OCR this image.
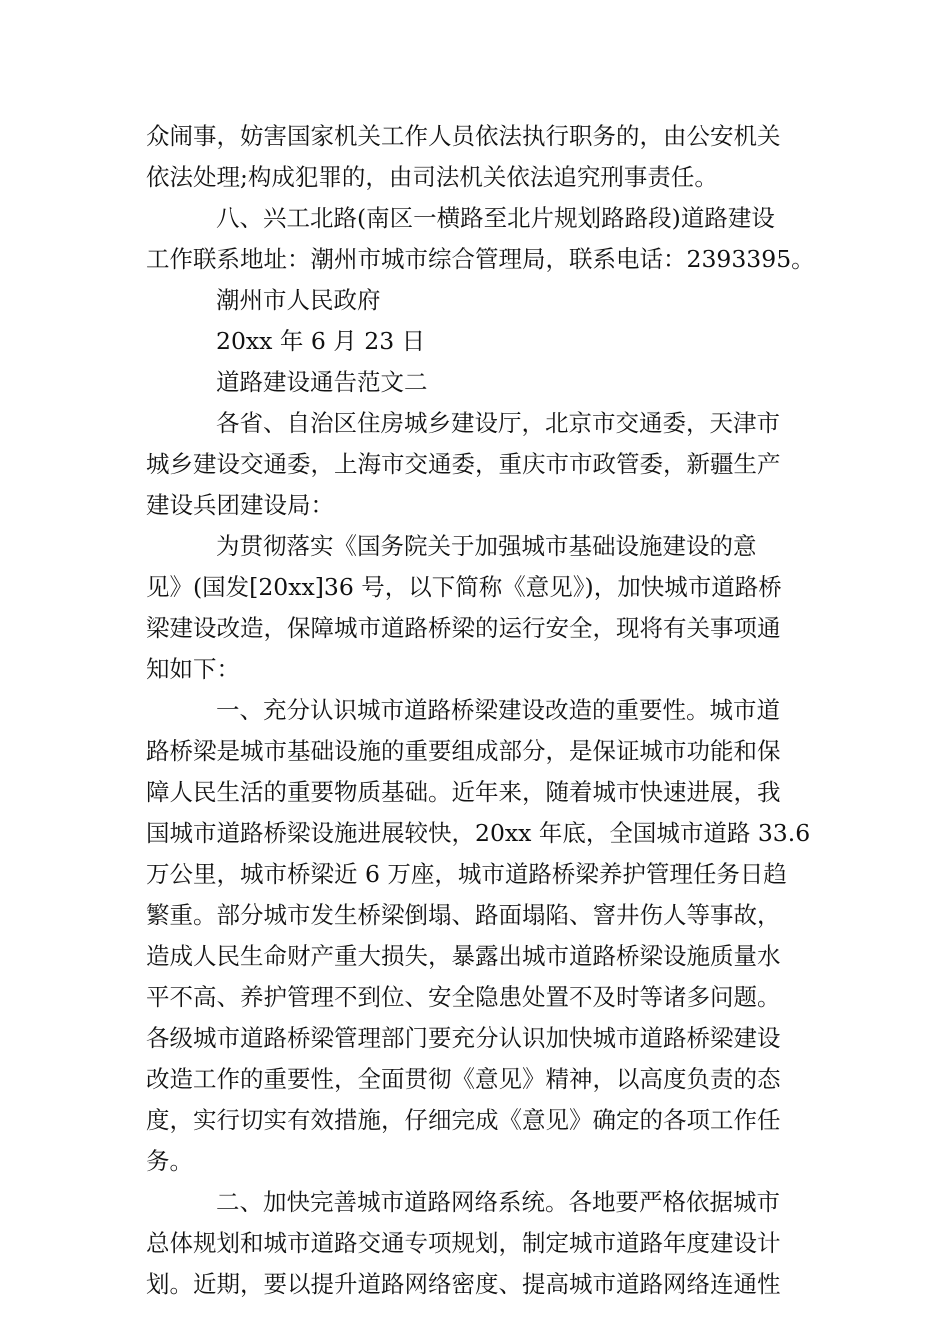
众闹事，妨害国家机关工作人员依法执行职务的，由公安机关
依法处理;构成犯罪的，由司法机关依法追究刑事责任。

八、兴工北路(南区一横路至北片规划路路段)道路建设
工作联系地址：潮州市城市综合管理局，联系电话：2393395。

潮州市人民政府

20xx 年 6 月 23 日

道路建设通告范文二

各省、自治区住房城乡建设厅，北京市交通委，天津市
城乡建设交通委，上海市交通委，重庆市市政管委，新疆生产
建设兵团建设局：

为贯彻落实《国务院关于加强城市基础设施建设的意
见》(国发[20xx]36 号，以下简称《意见》)，加快城市道路桥
梁建设改造，保障城市道路桥梁的运行安全，现将有关事项通
知如下：

一、充分认识城市道路桥梁建设改造的重要性。城市道
路桥梁是城市基础设施的重要组成部分，是保证城市功能和保
障人民生活的重要物质基础。近年来，随着城市快速进展，我
国城市道路桥梁设施进展较快，20xx 年底，全国城市道路 33.6
万公里，城市桥梁近 6 万座，城市道路桥梁养护管理任务日趋
繁重。部分城市发生桥梁倒塌、路面塌陷、窨井伤人等事故，
造成人民生命财产重大损失，暴露出城市道路桥梁设施质量水
平不高、养护管理不到位、安全隐患处置不及时等诸多问题。
各级城市道路桥梁管理部门要充分认识加快城市道路桥梁建设
改造工作的重要性，全面贯彻《意见》精神，以高度负责的态
度，实行切实有效措施，仔细完成《意见》确定的各项工作任
务。

二、加快完善城市道路网络系统。各地要严格依据城市
总体规划和城市道路交通专项规划，制定城市道路年度建设计
划。近期，要以提升道路网络密度、提高城市道路网络连通性
